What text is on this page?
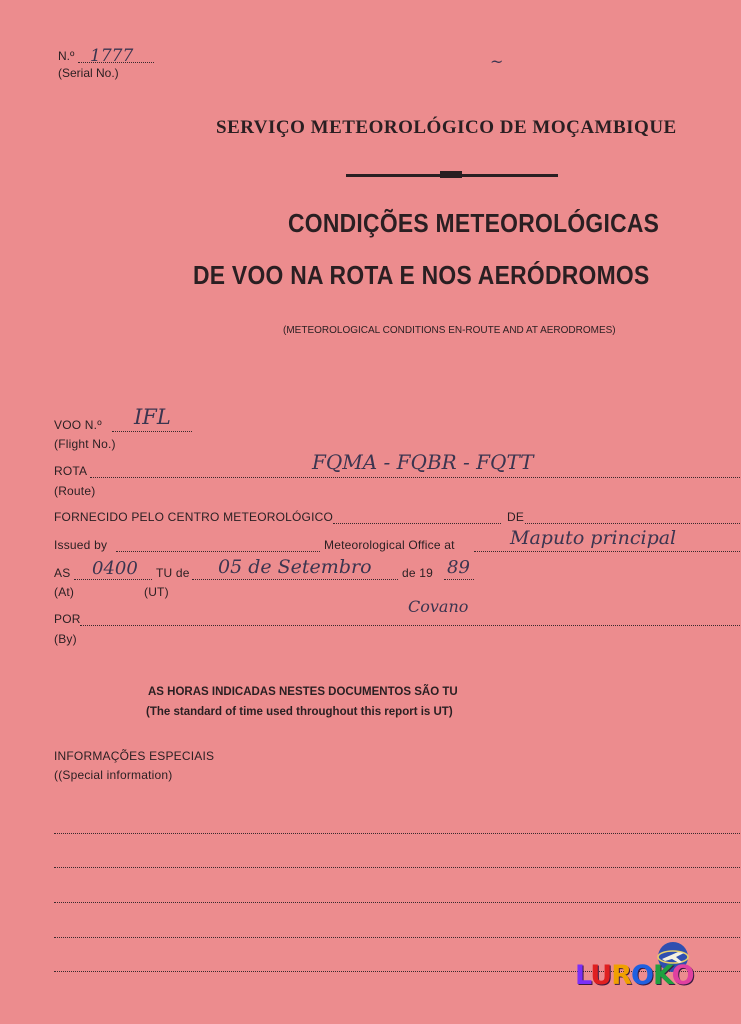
N.º 1777
(Serial No.)
~
SERVIÇO METEOROLÓGICO DE MOÇAMBIQUE
CONDIÇÕES METEOROLÓGICAS
DE VOO NA ROTA E NOS AERÓDROMOS
(METEOROLOGICAL CONDITIONS EN-ROUTE AND AT AERODROMES)
VOO N.º IFL
(Flight No.)
ROTA	FQMA - FQBR - FQTT
(Route)
FORNECIDO PELO CENTRO METEOROLÓGICO	DE
Issued by	Meteorological Office at	Maputo principal
AS 0400 TU de 05 de Setembro	de 19 89
(At)	(UT)
POR
Covano
(By)
AS HORAS INDICADAS NESTES DOCUMENTOS SÃO TU
(The standard of time used throughout this report is UT)
INFORMAÇÕES ESPECIAIS
((Special information)
LUROKO
